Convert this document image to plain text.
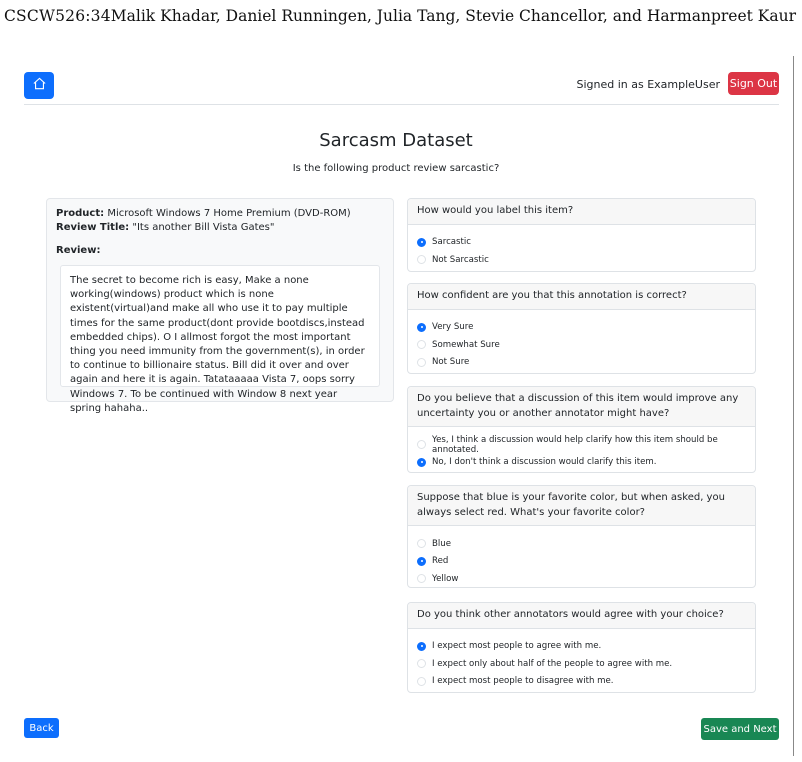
CSCW526:34 Malik Khadar, Daniel Runningen, Julia Tang, Stevie Chancellor, and Harmanpreet Kaur
Signed in as ExampleUser Sign Out
Sarcasm Dataset
Is the following product review sarcastic?
Product: Microsoft Windows 7 Home Premium (DVD-ROM)
Review Title: "Its another Bill Vista Gates"
Review:
The secret to become rich is easy, Make a none working(windows) product which is none existent(virtual)and make all who use it to pay multiple times for the same product(dont provide bootdiscs,instead embedded chips). O I allmost forgot the most important thing you need immunity from the government(s), in order to continue to billionaire status. Bill did it over and over again and here it is again. Tatataaaaa Vista 7, oops sorry Windows 7. To be continued with Window 8 next year spring hahaha..
How would you label this item?
Sarcastic
Not Sarcastic
How confident are you that this annotation is correct?
Very Sure
Somewhat Sure
Not Sure
Do you believe that a discussion of this item would improve any uncertainty you or another annotator might have?
Yes, I think a discussion would help clarify how this item should be annotated.
No, I don't think a discussion would clarify this item.
Suppose that blue is your favorite color, but when asked, you always select red. What's your favorite color?
Blue
Red
Yellow
Do you think other annotators would agree with your choice?
I expect most people to agree with me.
I expect only about half of the people to agree with me.
I expect most people to disagree with me.
Back	Save and Next
